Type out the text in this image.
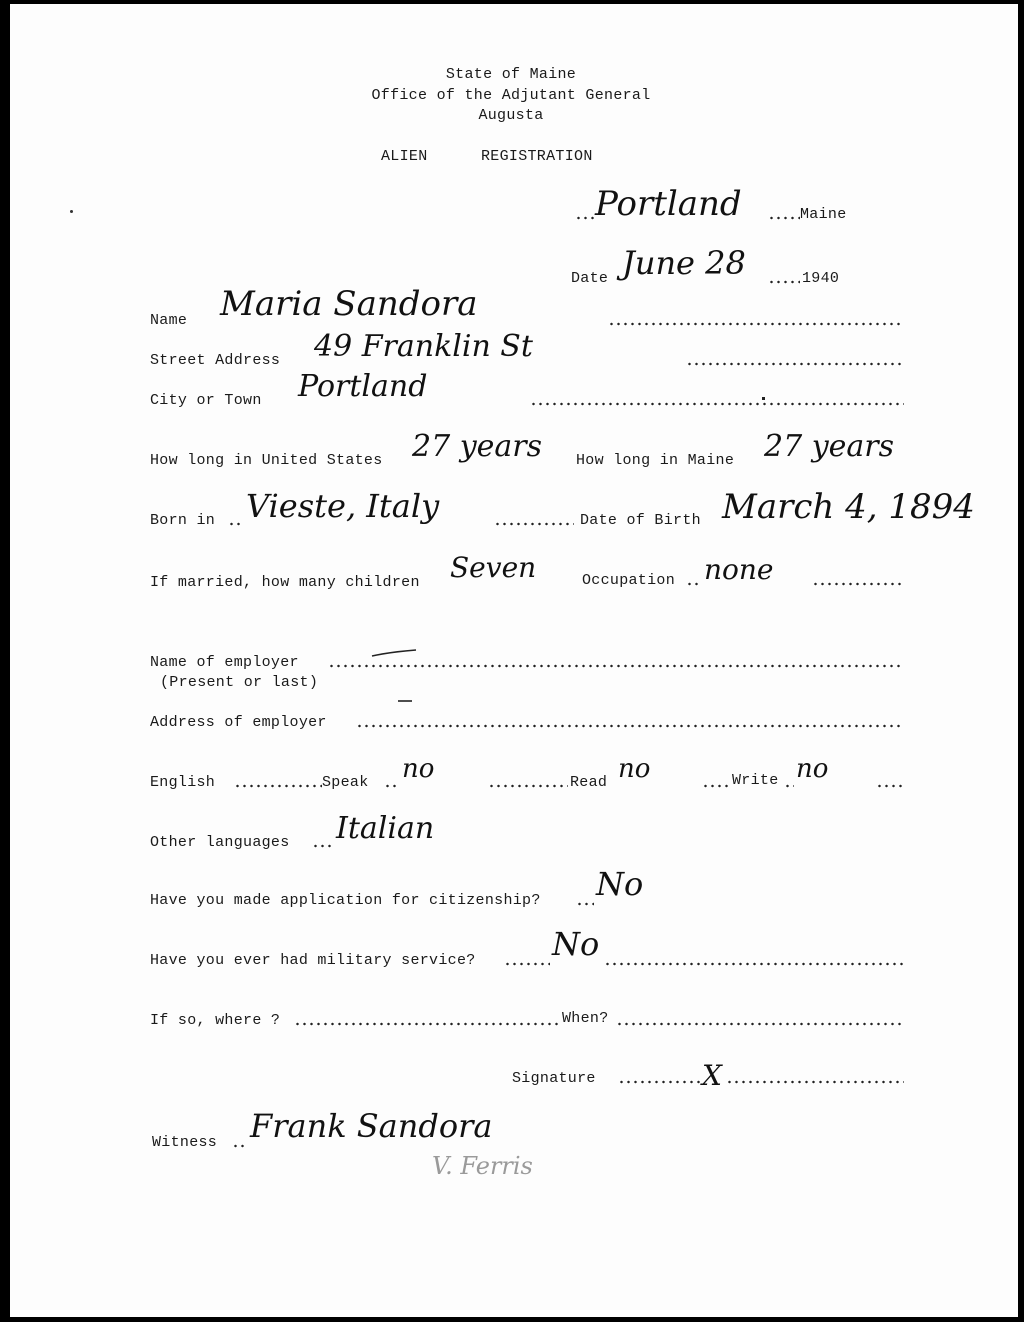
State of Maine
Office of the Adjutant General
Augusta
ALIEN	REGISTRATION
Portland	Maine
Date June 28	1940
Name Maria Sandora
Street Address 49 Franklin St
City or Town Portland
How long in United States 27 years How long in Maine 27 years
Born in Vieste, Italy	Date of Birth March 4, 1894
If married, how many children Seven	Occupation none
Name of employer
(Present or last)
Address of employer
English	Speak no	Read no	Write no
Other languages Italian
Have you made application for citizenship? No
Have you ever had military service? No
If so, where ?	When?
Signature	X
Witness Frank Sandora
V. Ferris
